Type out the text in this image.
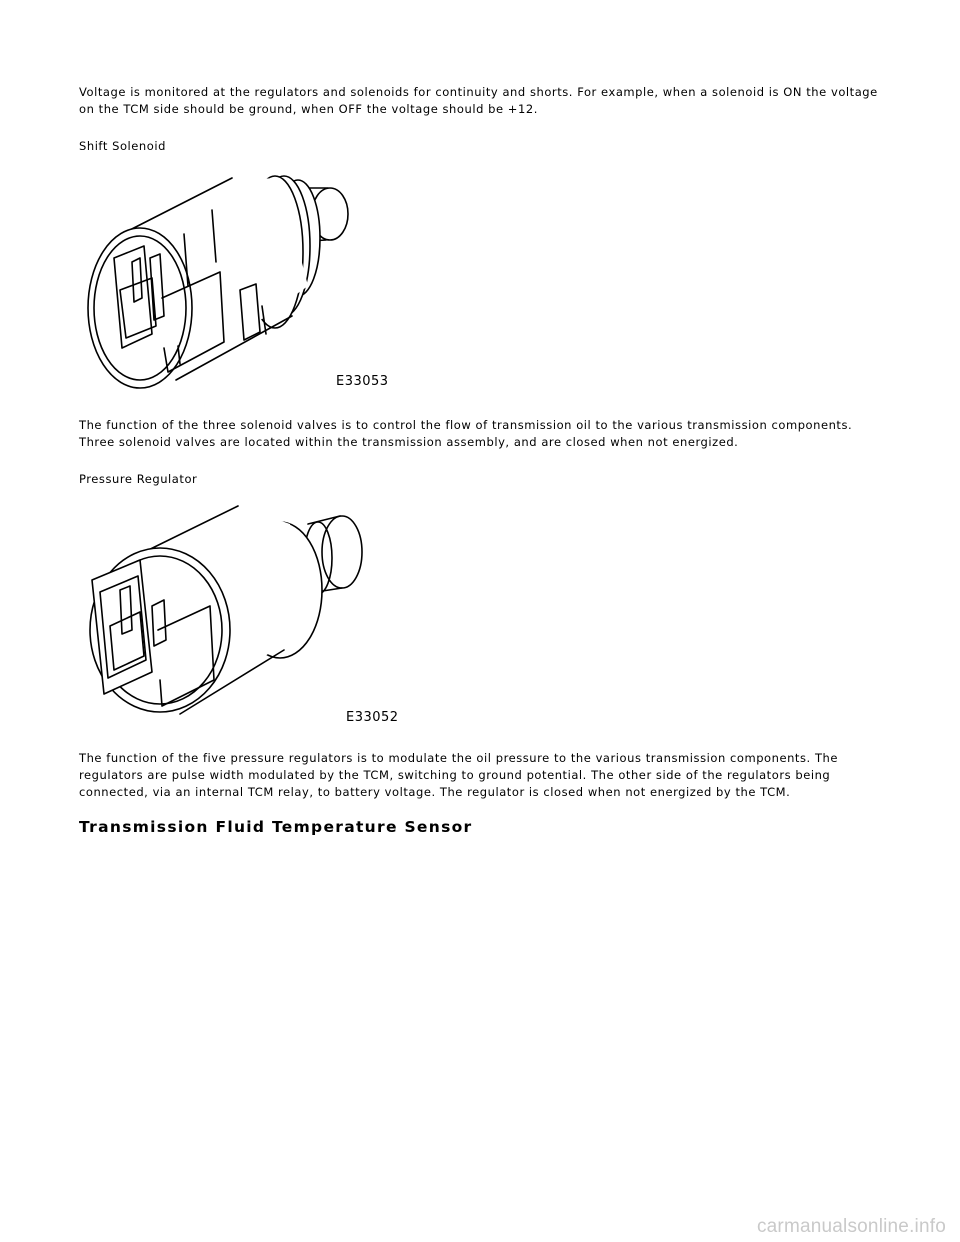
Voltage is monitored at the regulators and solenoids for continuity and shorts. For example, when a solenoid is ON the voltage on the TCM side should be ground, when OFF the voltage should be +12.

Shift Solenoid

E33053

The function of the three solenoid valves is to control the flow of transmission oil to the various transmission components. Three solenoid valves are located within the transmission assembly, and are closed when not energized.

Pressure Regulator

E33052

The function of the five pressure regulators is to modulate the oil pressure to the various transmission components. The regulators are pulse width modulated by the TCM, switching to ground potential. The other side of the regulators being connected, via an internal TCM relay, to battery voltage. The regulator is closed when not energized by the TCM.

Transmission Fluid Temperature Sensor
carmanualsonline.info
